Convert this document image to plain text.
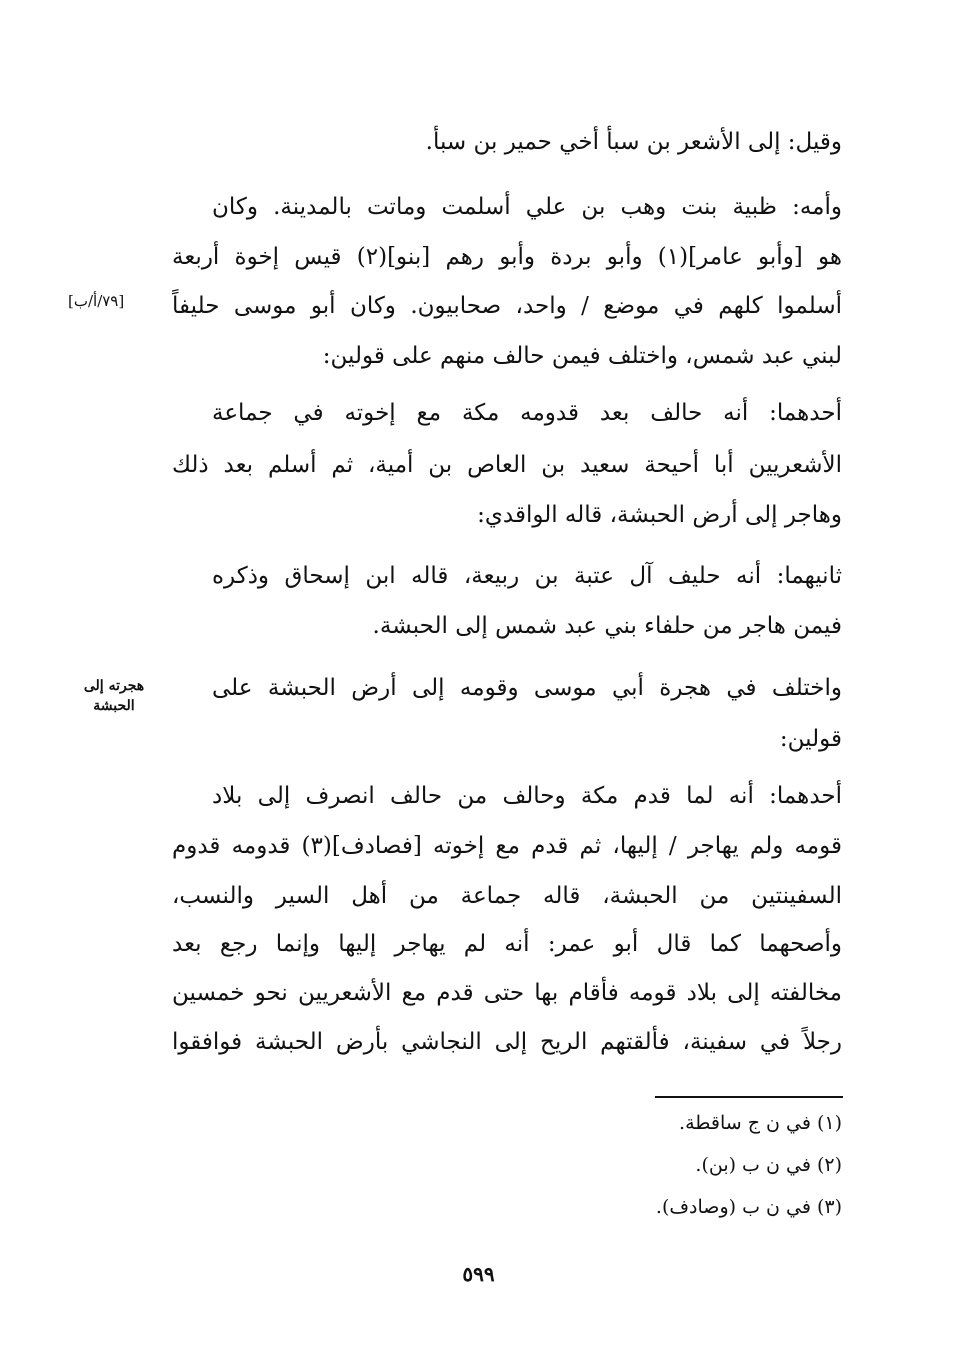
وقيل: إلى الأشعر بن سبأ أخي حمير بن سبأ.
وأمه: ظبية بنت وهب بن علي أسلمت وماتت بالمدينة. وكان
هو [وأبو عامر](١) وأبو بردة وأبو رهم [بنو](٢) قيس إخوة أربعة
أسلموا كلهم في موضع / واحد، صحابيون. وكان أبو موسى حليفاً
لبني عبد شمس، واختلف فيمن حالف منهم على قولين:
[٧٩/أ/ب]
أحدهما: أنه حالف بعد قدومه مكة مع إخوته في جماعة
الأشعريين أبا أحيحة سعيد بن العاص بن أمية، ثم أسلم بعد ذلك
وهاجر إلى أرض الحبشة، قاله الواقدي:
ثانيهما: أنه حليف آل عتبة بن ربيعة، قاله ابن إسحاق وذكره
فيمن هاجر من حلفاء بني عبد شمس إلى الحبشة.
واختلف في هجرة أبي موسى وقومه إلى أرض الحبشة على
قولين:
هجرته إلى
الحبشة
أحدهما: أنه لما قدم مكة وحالف من حالف انصرف إلى بلاد
قومه ولم يهاجر / إليها، ثم قدم مع إخوته [فصادف](٣) قدومه قدوم
السفينتين من الحبشة، قاله جماعة من أهل السير والنسب،
وأصحهما كما قال أبو عمر: أنه لم يهاجر إليها وإنما رجع بعد
مخالفته إلى بلاد قومه فأقام بها حتى قدم مع الأشعريين نحو خمسين
رجلاً في سفينة، فألقتهم الريح إلى النجاشي بأرض الحبشة فوافقوا
(١) في ن ج ساقطة.
(٢) في ن ب (بن).
(٣) في ن ب (وصادف).
٥٩٩
